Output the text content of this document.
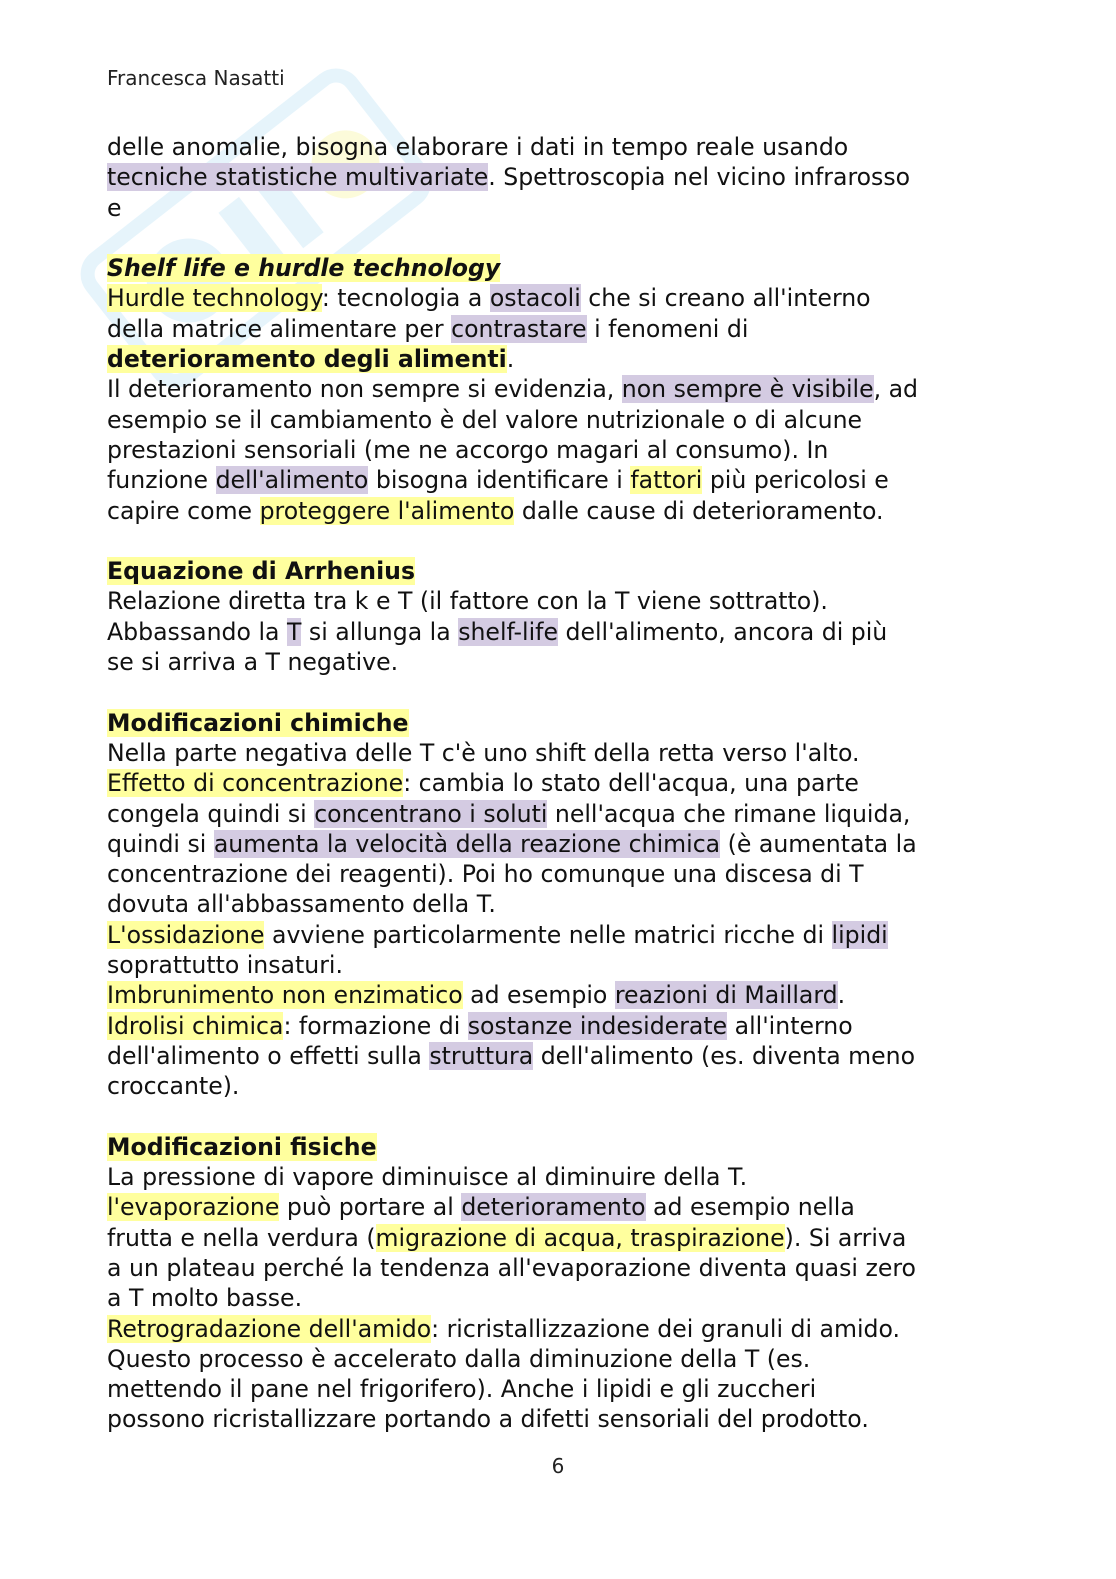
Francesca Nasatti
delle anomalie, bisogna elaborare i dati in tempo reale usando
tecniche statistiche multivariate. Spettroscopia nel vicino infrarosso
e
Shelf life e hurdle technology
Hurdle technology: tecnologia a ostacoli che si creano all'interno
della matrice alimentare per contrastare i fenomeni di
deterioramento degli alimenti.
Il deterioramento non sempre si evidenzia, non sempre è visibile, ad
esempio se il cambiamento è del valore nutrizionale o di alcune
prestazioni sensoriali (me ne accorgo magari al consumo). In
funzione dell'alimento bisogna identificare i fattori più pericolosi e
capire come proteggere l'alimento dalle cause di deterioramento.
Equazione di Arrhenius
Relazione diretta tra k e T (il fattore con la T viene sottratto).
Abbassando la T si allunga la shelf-life dell'alimento, ancora di più
se si arriva a T negative.
Modificazioni chimiche
Nella parte negativa delle T c'è uno shift della retta verso l'alto.
Effetto di concentrazione: cambia lo stato dell'acqua, una parte
congela quindi si concentrano i soluti nell'acqua che rimane liquida,
quindi si aumenta la velocità della reazione chimica (è aumentata la
concentrazione dei reagenti). Poi ho comunque una discesa di T
dovuta all'abbassamento della T.
L'ossidazione avviene particolarmente nelle matrici ricche di lipidi
soprattutto insaturi.
Imbrunimento non enzimatico ad esempio reazioni di Maillard.
Idrolisi chimica: formazione di sostanze indesiderate all'interno
dell'alimento o effetti sulla struttura dell'alimento (es. diventa meno
croccante).
Modificazioni fisiche
La pressione di vapore diminuisce al diminuire della T.
l'evaporazione può portare al deterioramento ad esempio nella
frutta e nella verdura (migrazione di acqua, traspirazione). Si arriva
a un plateau perché la tendenza all'evaporazione diventa quasi zero
a T molto basse.
Retrogradazione dell'amido: ricristallizzazione dei granuli di amido.
Questo processo è accelerato dalla diminuzione della T (es.
mettendo il pane nel frigorifero). Anche i lipidi e gli zuccheri
possono ricristallizzare portando a difetti sensoriali del prodotto.
6
